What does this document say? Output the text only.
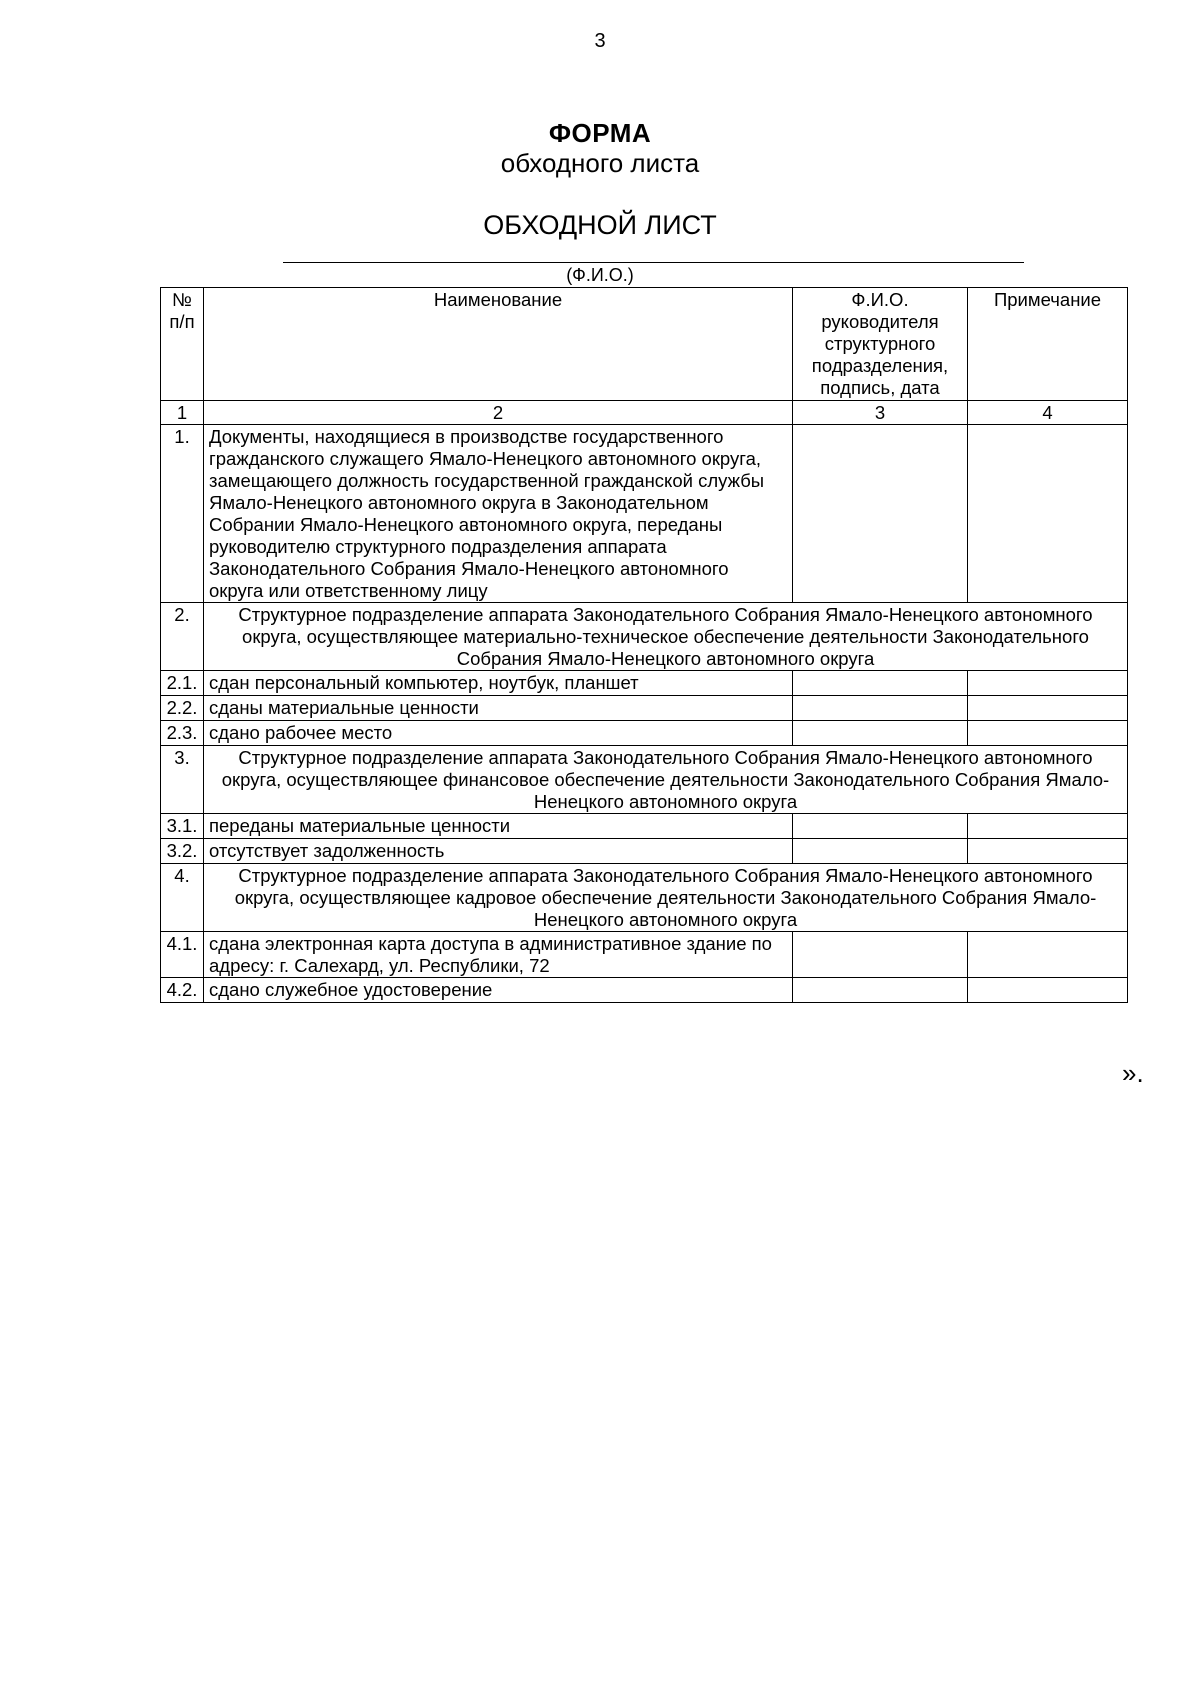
3
ФОРМА
обходного листа
ОБХОДНОЙ ЛИСТ
(Ф.И.О.)
№ п/п	Наименование	Ф.И.О. руководителя структурного подразделения, подпись, дата	Примечание
1	2	3	4
1.	Документы, находящиеся в производстве государственного гражданского служащего Ямало-Ненецкого автономного округа, замещающего должность государственной гражданской службы Ямало-Ненецкого автономного округа в Законодательном Собрании Ямало-Ненецкого автономного округа, переданы руководителю структурного подразделения аппарата Законодательного Собрания Ямало-Ненецкого автономного округа или ответственному лицу		
2.	Структурное подразделение аппарата Законодательного Собрания Ямало-Ненецкого автономного округа, осуществляющее материально-техническое обеспечение деятельности Законодательного Собрания Ямало-Ненецкого автономного округа		
2.1.	сдан персональный компьютер, ноутбук, планшет		
2.2.	сданы материальные ценности		
2.3.	сдано рабочее место		
3.	Структурное подразделение аппарата Законодательного Собрания Ямало-Ненецкого автономного округа, осуществляющее финансовое обеспечение деятельности Законодательного Собрания Ямало-Ненецкого автономного округа		
3.1.	переданы материальные ценности		
3.2.	отсутствует задолженность		
4.	Структурное подразделение аппарата Законодательного Собрания Ямало-Ненецкого автономного округа, осуществляющее кадровое обеспечение деятельности Законодательного Собрания Ямало-Ненецкого автономного округа		
4.1.	сдана электронная карта доступа в административное здание по адресу: г. Салехард, ул. Республики, 72		
4.2.	сдано служебное удостоверение		
».
